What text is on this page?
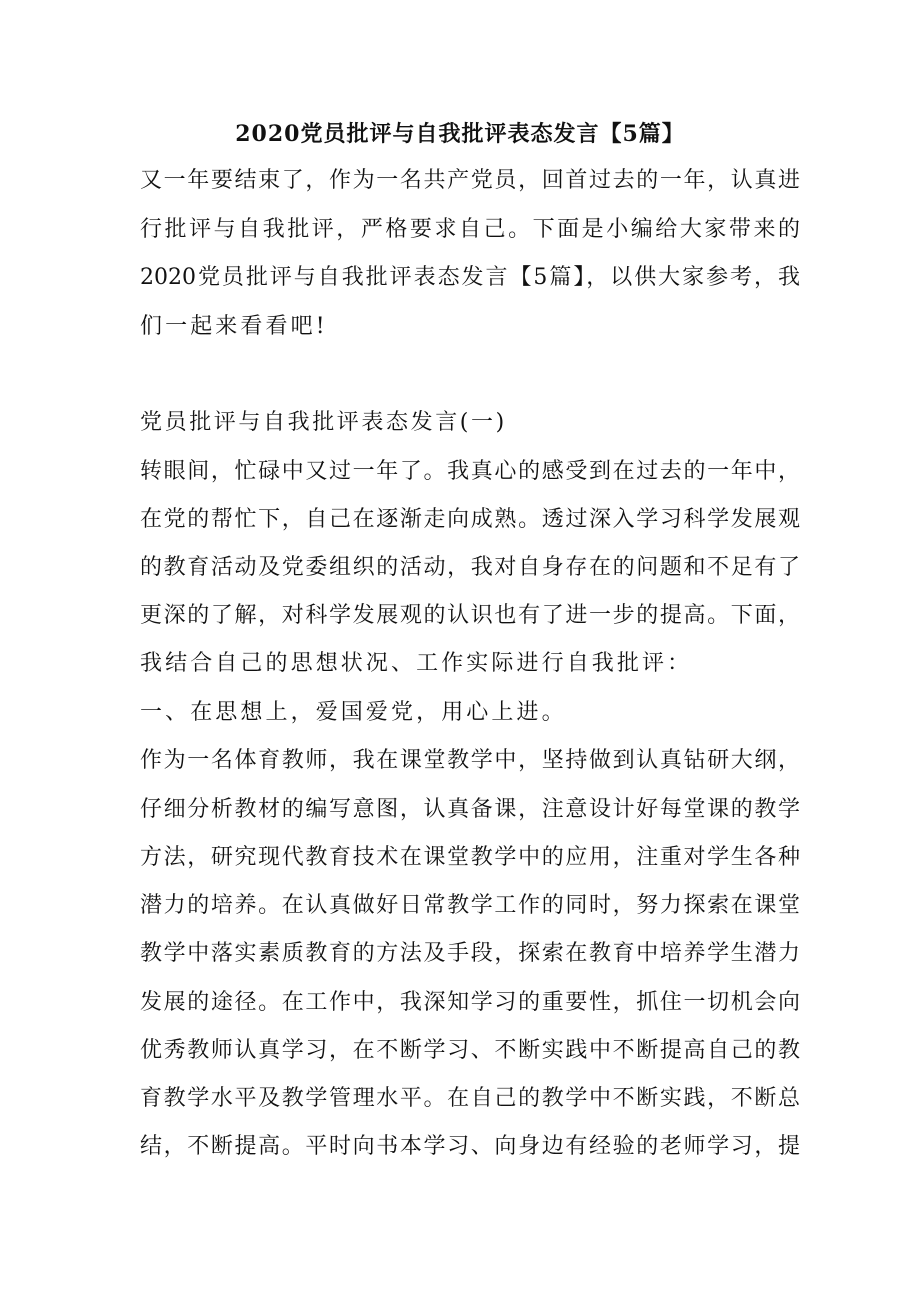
2020党员批评与自我批评表态发言【5篇】
又一年要结束了，作为一名共产党员，回首过去的一年，认真进
行批评与自我批评，严格要求自己。下面是小编给大家带来的
2020党员批评与自我批评表态发言【5篇】，以供大家参考，我
们一起来看看吧!
党员批评与自我批评表态发言(一)
转眼间，忙碌中又过一年了。我真心的感受到在过去的一年中，
在党的帮忙下，自己在逐渐走向成熟。透过深入学习科学发展观
的教育活动及党委组织的活动，我对自身存在的问题和不足有了
更深的了解，对科学发展观的认识也有了进一步的提高。下面，
我结合自己的思想状况、工作实际进行自我批评：
一、在思想上，爱国爱党，用心上进。
作为一名体育教师，我在课堂教学中，坚持做到认真钻研大纲，
仔细分析教材的编写意图，认真备课，注意设计好每堂课的教学
方法，研究现代教育技术在课堂教学中的应用，注重对学生各种
潜力的培养。在认真做好日常教学工作的同时，努力探索在课堂
教学中落实素质教育的方法及手段，探索在教育中培养学生潜力
发展的途径。在工作中，我深知学习的重要性，抓住一切机会向
优秀教师认真学习，在不断学习、不断实践中不断提高自己的教
育教学水平及教学管理水平。在自己的教学中不断实践，不断总
结，不断提高。平时向书本学习、向身边有经验的老师学习，提
